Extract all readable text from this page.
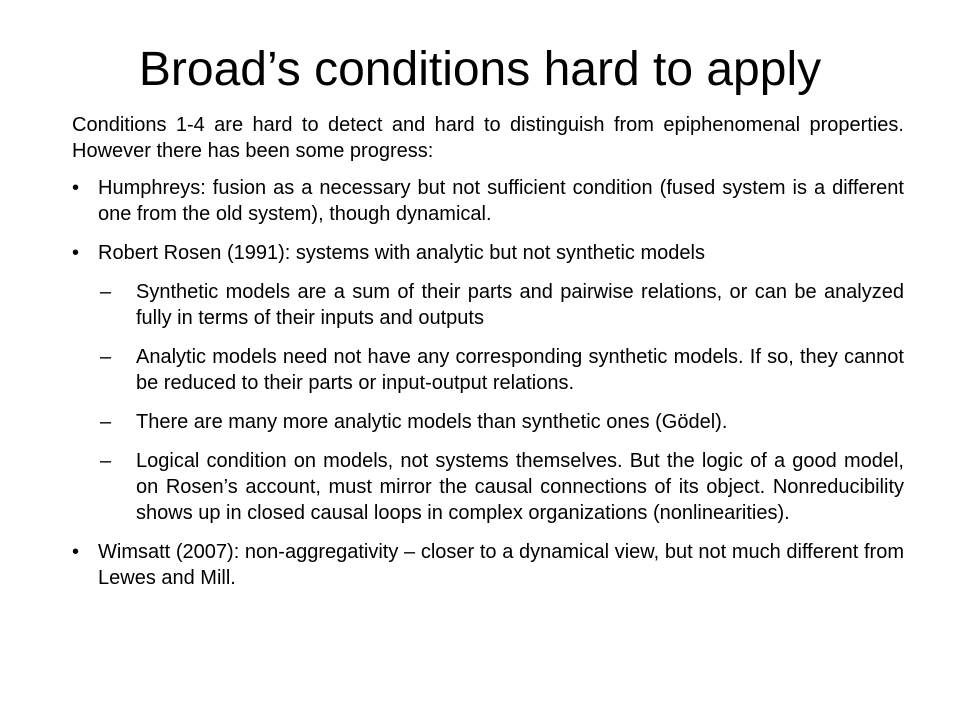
Broad’s conditions hard to apply

Conditions 1-4 are hard to detect and hard to distinguish from epiphenomenal properties. However there has been some progress:

• Humphreys: fusion as a necessary but not sufficient condition (fused system is a different one from the old system), though dynamical.
• Robert Rosen (1991): systems with analytic but not synthetic models
– Synthetic models are a sum of their parts and pairwise relations, or can be analyzed fully in terms of their inputs and outputs
– Analytic models need not have any corresponding synthetic models. If so, they cannot be reduced to their parts or input-output relations.
– There are many more analytic models than synthetic ones (Gödel).
– Logical condition on models, not systems themselves. But the logic of a good model, on Rosen’s account, must mirror the causal connections of its object. Nonreducibility shows up in closed causal loops in complex organizations (nonlinearities).
• Wimsatt (2007): non-aggregativity – closer to a dynamical view, but not much different from Lewes and Mill.
